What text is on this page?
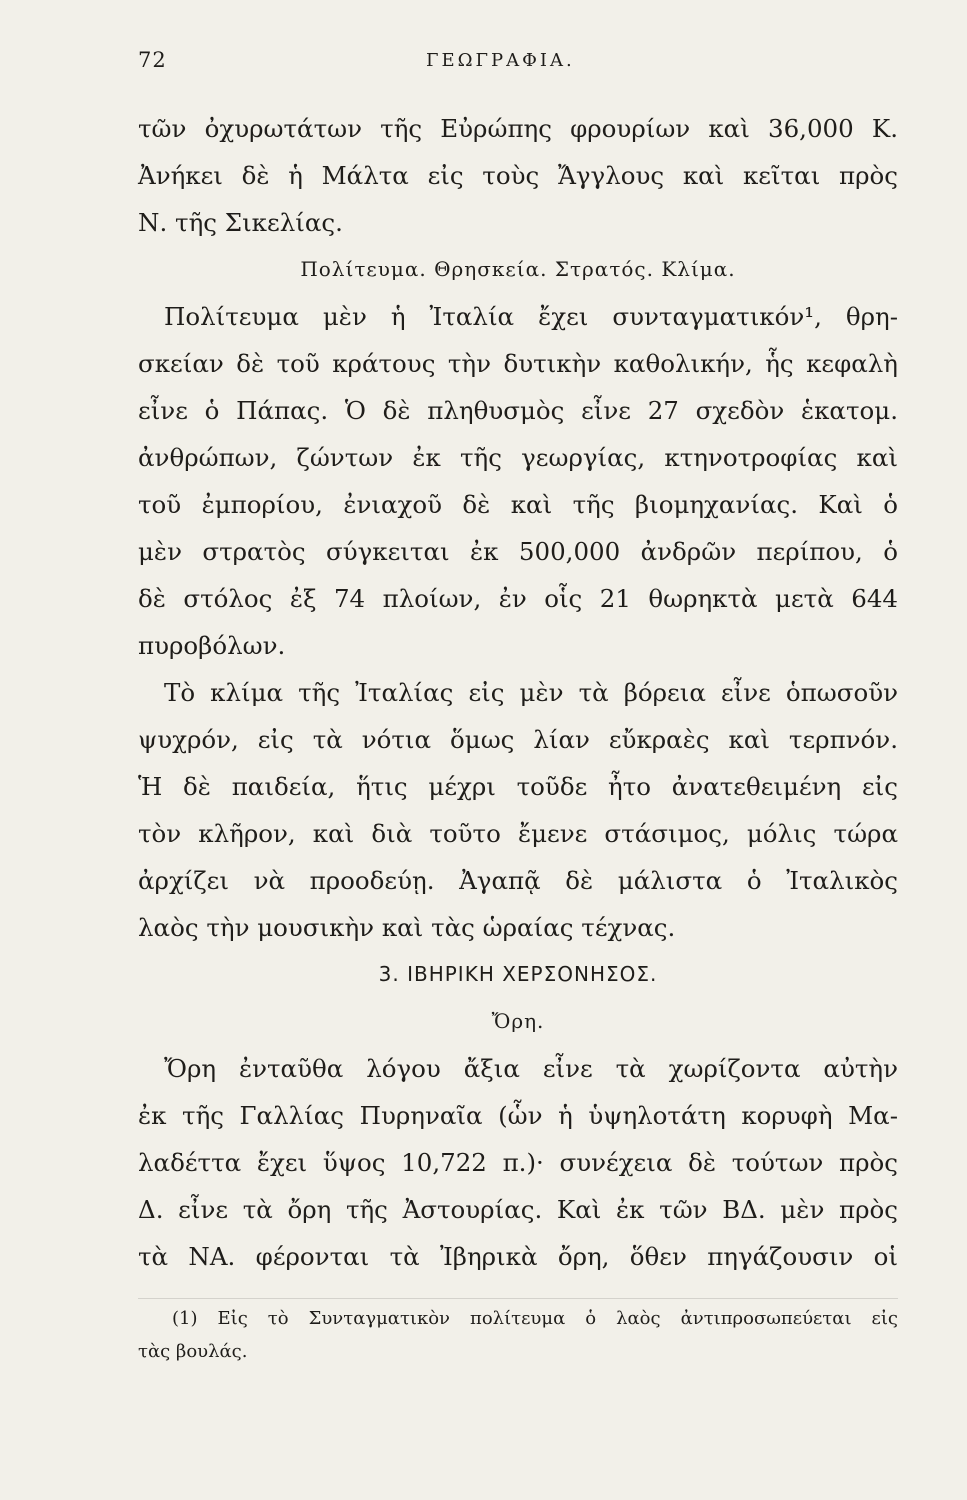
72	ΓΕΩΓΡΑΦΙΑ.
τῶν ὀχυρωτάτων τῆς Εὐρώπης φρουρίων καὶ 36,000 Κ.
Ἀνήκει δὲ ἡ Μάλτα εἰς τοὺς Ἄγγλους καὶ κεῖται πρὸς
Ν. τῆς Σικελίας.
Πολίτευμα. Θρησκεία. Στρατός. Κλίμα.
Πολίτευμα μὲν ἡ Ἰταλία ἔχει συνταγματικόν¹, θρη-
σκείαν δὲ τοῦ κράτους τὴν δυτικὴν καθολικήν, ἧς κεφαλὴ
εἶνε ὁ Πάπας. Ὁ δὲ πληθυσμὸς εἶνε 27 σχεδὸν ἑκατομ.
ἀνθρώπων, ζώντων ἐκ τῆς γεωργίας, κτηνοτροφίας καὶ
τοῦ ἐμπορίου, ἐνιαχοῦ δὲ καὶ τῆς βιομηχανίας. Καὶ ὁ
μὲν στρατὸς σύγκειται ἐκ 500,000 ἀνδρῶν περίπου, ὁ
δὲ στόλος ἐξ 74 πλοίων, ἐν οἷς 21 θωρηκτὰ μετὰ 644
πυροβόλων.
Τὸ κλίμα τῆς Ἰταλίας εἰς μὲν τὰ βόρεια εἶνε ὁπωσοῦν
ψυχρόν, εἰς τὰ νότια ὅμως λίαν εὔκραὲς καὶ τερπνόν.
Ἡ δὲ παιδεία, ἥτις μέχρι τοῦδε ἦτο ἀνατεθειμένη εἰς
τὸν κλῆρον, καὶ διὰ τοῦτο ἔμενε στάσιμος, μόλις τώρα
ἀρχίζει νὰ προοδεύῃ. Ἀγαπᾷ δὲ μάλιστα ὁ Ἰταλικὸς
λαὸς τὴν μουσικὴν καὶ τὰς ὡραίας τέχνας.
3. ΙΒΗΡΙΚΗ ΧΕΡΣΟΝΗΣΟΣ.
Ὄρη.
Ὄρη ἐνταῦθα λόγου ἄξια εἶνε τὰ χωρίζοντα αὐτὴν
ἐκ τῆς Γαλλίας Πυρηναῖα (ὧν ἡ ὑψηλοτάτη κορυφὴ Μα-
λαδέττα ἔχει ὕψος 10,722 π.)· συνέχεια δὲ τούτων πρὸς
Δ. εἶνε τὰ ὄρη τῆς Ἀστουρίας. Καὶ ἐκ τῶν ΒΔ. μὲν πρὸς
τὰ ΝΑ. φέρονται τὰ Ἰβηρικὰ ὄρη, ὅθεν πηγάζουσιν οἱ
(1) Εἰς τὸ Συνταγματικὸν πολίτευμα ὁ λαὸς ἀντιπροσωπεύεται εἰς
τὰς βουλάς.
